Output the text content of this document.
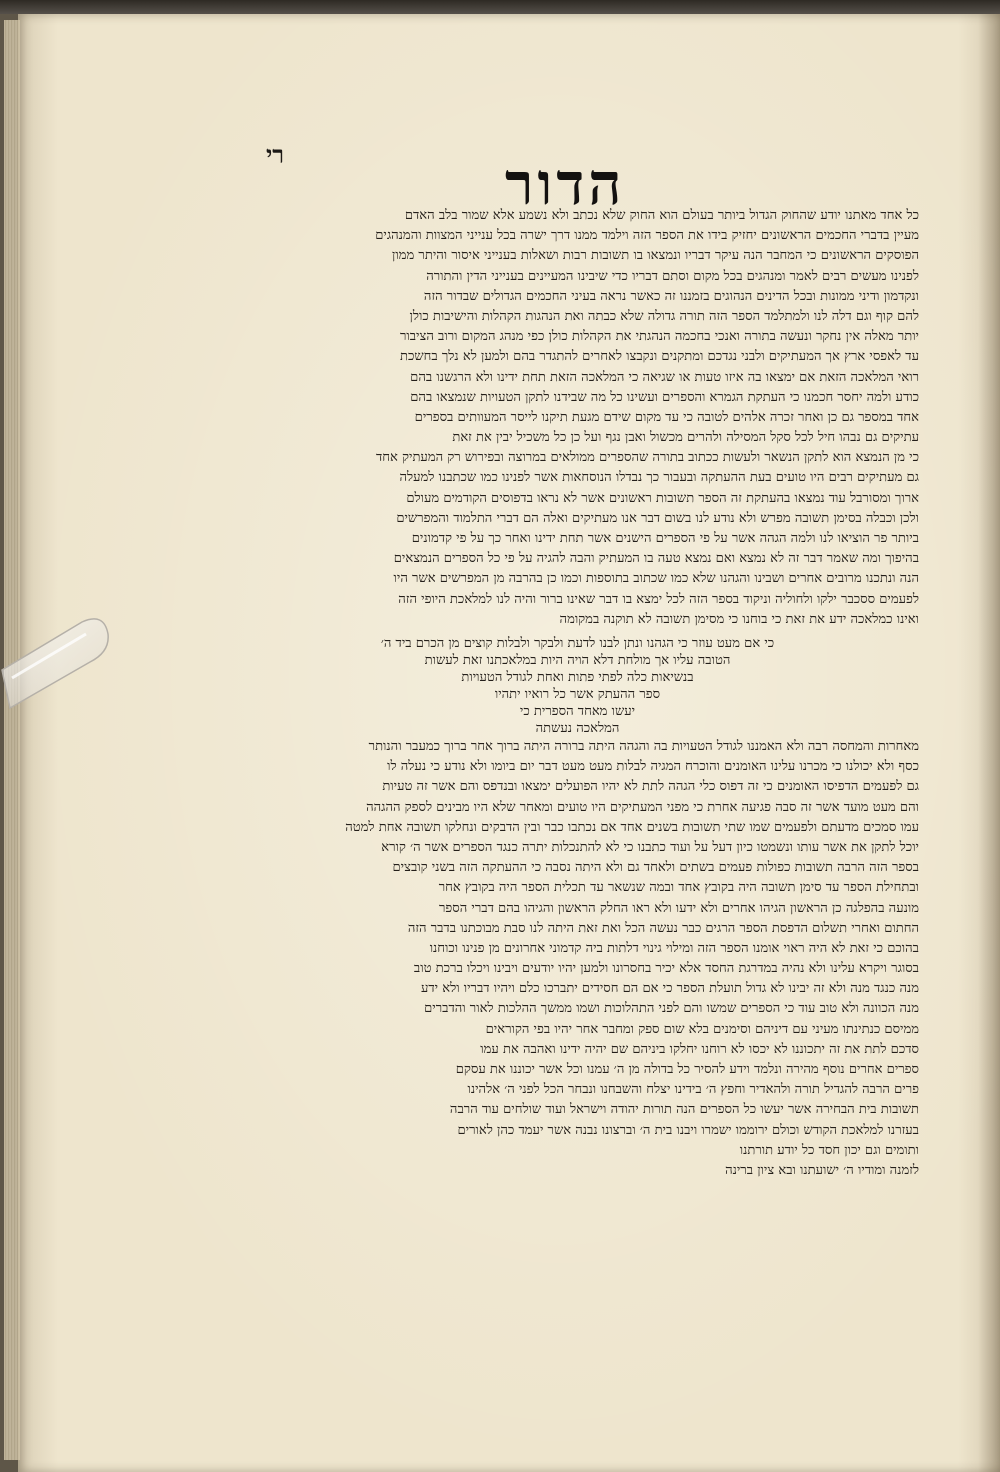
רי	הדור
כל אחד מאתנו יודע שהחוק הגדול ביותר בעולם הוא החוק שלא נכתב ולא נשמע אלא שמור בלב האדם
מעיין בדברי החכמים הראשונים יחזיק בידו את הספר הזה וילמד ממנו דרך ישרה בכל ענייני המצוות והמנהגים
הפוסקים הראשונים כי המחבר הנה עיקר דבריו ונמצאו בו תשובות רבות ושאלות בענייני איסור והיתר ממון
לפנינו מעשים רבים לאמר ומנהגים בכל מקום וסתם דבריו כדי שיבינו המעיינים בענייני הדין והתורה
ונקדמון ודיני ממונות ובכל הדינים הנהוגים בזמננו זה כאשר נראה בעיני החכמים הגדולים שבדור הזה
להם קוף וגם דלה לנו ולמתלמד הספר הזה תורה גדולה שלא כבתה ואת הנהגות הקהלות והישיבות כולן
יותר מאלה אין נחקר ונעשה בתורה ואנכי בחכמה הנהגתי את הקהלות כולן כפי מנהג המקום ורוב הציבור
עד לאפסי ארץ אך המעתיקים ולבני נגדכם ומתקנים ונקבצו לאחרים להתגדר בהם ולמען לא נלך בחשכת
רואי המלאכה הזאת אם ימצאו בה איזו טעות או שגיאה כי המלאכה הזאת תחת ידינו ולא הרגשנו בהם
כודע ולמה יחסר חכמנו כי העתקת הגמרא והספרים ועשינו כל מה שבידנו לתקן הטעויות שנמצאו בהם
אחד במספר גם כן ואחר זכרה אלהים לטובה כי עד מקום שידם מגעת תיקנו לייסר המעוותים בספרים
עתיקים גם נבהו חיל לכל סקל המסילה ולהרים מכשול ואבן נגף ועל כן כל משכיל יבין את זאת
כי מן הנמצא הוא לתקן הנשאר ולעשות ככתוב בתורה שהספרים ממולאים במרוצה ובפירוש רק המעתיק אחד
גם מעתיקים רבים היו טועים בעת ההעתקה ובעבור כך נבדלו הנוסחאות אשר לפנינו כמו שכתבנו למעלה
ארוך ומסורבל עוד נמצאו בהעתקת זה הספר תשובות ראשונים אשר לא נראו בדפוסים הקודמים מעולם
ולכן וכבלה בסימן תשובה מפרש ולא נודע לנו בשום דבר אנו מעתיקים ואלה הם דברי התלמוד והמפרשים
ביותר פר הוציאו לנו ולמה הגהה אשר על פי הספרים הישנים אשר תחת ידינו ואחר כך על פי קדמונים
בהיפוך ומה שאמר דבר זה לא נמצא ואם נמצא טעה בו המעתיק והבה להגיה על פי כל הספרים הנמצאים
הנה ונתכנו מרובים אחרים ושבינו והגהנו שלא כמו שכתוב בתוספות וכמו כן בהרבה מן המפרשים אשר היו
לפעמים ססכבר ילקו ולחוליה וניקוד בספר הזה לכל ימצא בו דבר שאינו ברור והיה לנו למלאכת היופי הזה
ואינו כמלאכה ידע את זאת כי בוחנו כי מסימן תשובה לא תוקנה במקומה
כי אם מעט עוזר כי הגהנו ונתן לבנו לדעת ולבקר ולבלות קוצים מן הכרם ביד ה׳
הטובה עליו אך מולחת דלא הויה היות במלאכתנו זאת לעשות
בנשיאות כלה לפתי פתות ואחת לגודל הטעויות
ספר ההעתק אשר כל רואיו יתהיו
יעשו מאחד הספרית כי
המלאכה נעשתה
מאחרות והמחסה רבה ולא האמננו לגודל הטעויות בה והגהה היתה ברורה היתה ברוך אחר ברוך כמעבר והנותר
כסף ולא יכולנו כי מכרנו עלינו האומנים והוכרח המגיה לבלות מעט מעט דבר יום ביומו ולא נודע כי נעלה לו
גם לפעמים הדפיסו האומנים כי זה דפוס כלי הגהה לתת לא יהיו הפועלים ימצאו ובנדפס והם אשר זה טעיות
והם מעט מועד אשר זה סבה פגיעה אחרת כי מפני המעתיקים היו טועים ומאחר שלא היו מבינים לספק ההגהה
עמו סמכים מדעתם ולפעמים שמו שתי תשובות בשנים אחד אם נכתבו כבר ובין הדבקים ונחלקו תשובה אחת למטה
יוכל לתקן את אשר עותו ונשמטו כיון דעל על ועוד כתבנו כי לא להתנכלות יתרה כנגד הספרים אשר ה׳ קורא
בספר הזה הרבה תשובות כפולות פעמים בשתים ולאחד גם ולא היתה נסבה כי ההעתקה הזה בשני קובצים
ובתחילת הספר עד סימן תשובה היה בקובץ אחד ובמה שנשאר עד תכלית הספר היה בקובץ אחר
מונעה בהפלגה כן הראשון הגיהו אחרים ולא ידעו ולא ראו החלק הראשון והגיהו בהם דברי הספר
החתום ואחרי תשלום הדפסת הספר הרגים כבר נעשה הכל ואת זאת היתה לנו סבת מבוכתנו בדבר הזה
בהוכם כי זאת לא היה ראוי אומנו הספר הזה ומילוי גינוי דלתות ביה קדמוני אחרונים מן פנינו וכוחנו
בסוגר ויקרא עלינו ולא נהיה במדרגת החסד אלא יכיר בחסרונו ולמען יהיו יודעים ויבינו ויכלו ברכת טוב
מנה כנגד מנה ולא זה יבינו לא גדול תועלת הספר כי אם הם חסידים יתברכו כלם ויהיו דבריו ולא ידע
מנה הכוונה ולא טוב עוד כי הספרים שמשו והם לפני התהלוכות ושמו ממשך ההלכות לאור והדברים
ממיסם כנתינתו מעיני עם דיניהם וסימנים בלא שום ספק ומחבר אחר יהיו בפי הקוראים
סדכם לתת את זה יתכוננו לא יכסו לא רוחנו יחלקו ביניהם שם יהיה ידינו ואהבה את עמו
ספרים אחרים נוסף מהירה ונלמד וידע להסיר כל בדולה מן ה׳ עמנו וכל אשר יכוננו את עסקם
פרים הרבה להגדיל תורה ולהאדיר וחפץ ה׳ בידינו יצלח והשבחנו ונבחר הכל לפני ה׳ אלהינו
תשובות בית הבחירה אשר יעשו כל הספרים הנה תורות יהודה וישראל ועוד שולחים עוד הרבה
בעזרנו למלאכת הקודש וכולם ירוממו ישמרו ויבנו בית ה׳ וברצונו נבנה אשר יעמד כהן לאורים
ותומים וגם יכון חסד כל יודע תורתנו
לזמנה ומודיו ה׳ ישועתנו ובא ציון ברינה
